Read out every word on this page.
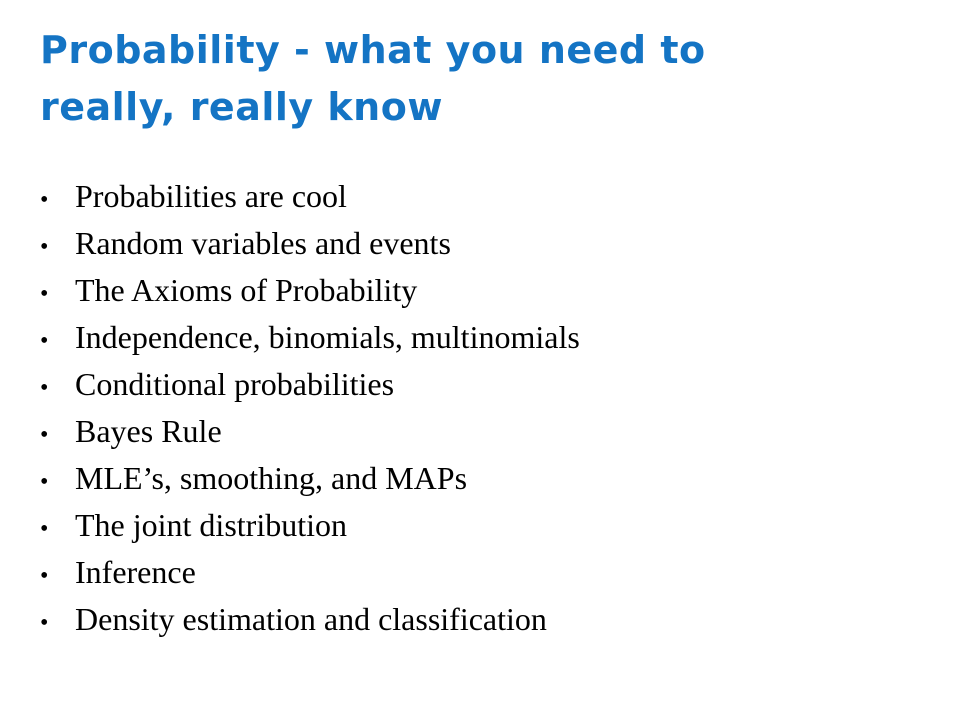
Probability - what you need to
really, really know
• Probabilities are cool
• Random variables and events
• The Axioms of Probability
• Independence, binomials, multinomials
• Conditional probabilities
• Bayes Rule
• MLE’s, smoothing, and MAPs
• The joint distribution
• Inference
• Density estimation and classification
